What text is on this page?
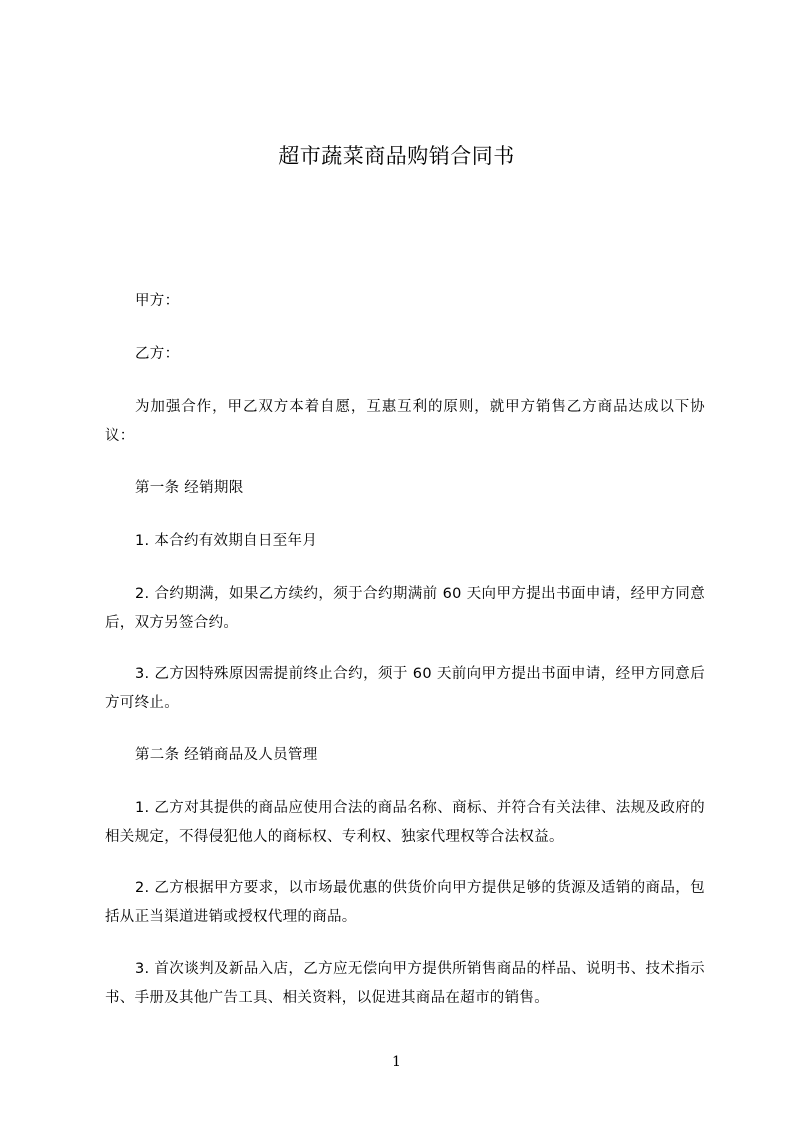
超市蔬菜商品购销合同书
甲方：
乙方：
为加强合作，甲乙双方本着自愿，互惠互利的原则，就甲方销售乙方商品达成以下协议：
第一条 经销期限
1. 本合约有效期自日至年月
2. 合约期满，如果乙方续约，须于合约期满前 60 天向甲方提出书面申请，经甲方同意后，双方另签合约。
3. 乙方因特殊原因需提前终止合约，须于 60 天前向甲方提出书面申请，经甲方同意后方可终止。
第二条 经销商品及人员管理
1. 乙方对其提供的商品应使用合法的商品名称、商标、并符合有关法律、法规及政府的相关规定，不得侵犯他人的商标权、专利权、独家代理权等合法权益。
2. 乙方根据甲方要求，以市场最优惠的供货价向甲方提供足够的货源及适销的商品，包括从正当渠道进销或授权代理的商品。
3. 首次谈判及新品入店，乙方应无偿向甲方提供所销售商品的样品、说明书、技术指示书、手册及其他广告工具、相关资料，以促进其商品在超市的销售。
1
